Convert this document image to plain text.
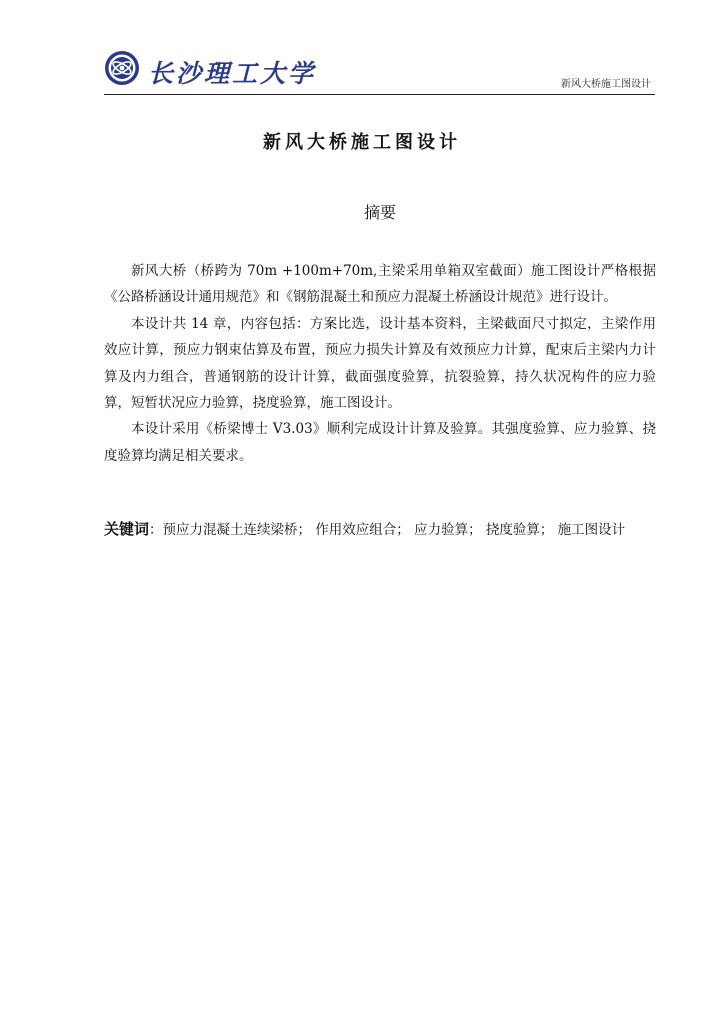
长沙理工大学	新风大桥施工图设计
新风大桥施工图设计
摘要

新风大桥（桥跨为 70m +100m+70m,主梁采用单箱双室截面）施工图设计严格根据《公路桥涵设计通用规范》和《钢筋混凝土和预应力混凝土桥涵设计规范》进行设计。

本设计共 14 章，内容包括：方案比选，设计基本资料，主梁截面尺寸拟定，主梁作用效应计算，预应力钢束估算及布置，预应力损失计算及有效预应力计算，配束后主梁内力计算及内力组合，普通钢筋的设计计算，截面强度验算，抗裂验算，持久状况构件的应力验算，短暂状况应力验算，挠度验算，施工图设计。

本设计采用《桥梁博士 V3.03》顺利完成设计计算及验算。其强度验算、应力验算、挠度验算均满足相关要求。

关键词：预应力混凝土连续梁桥； 作用效应组合； 应力验算； 挠度验算； 施工图设计
